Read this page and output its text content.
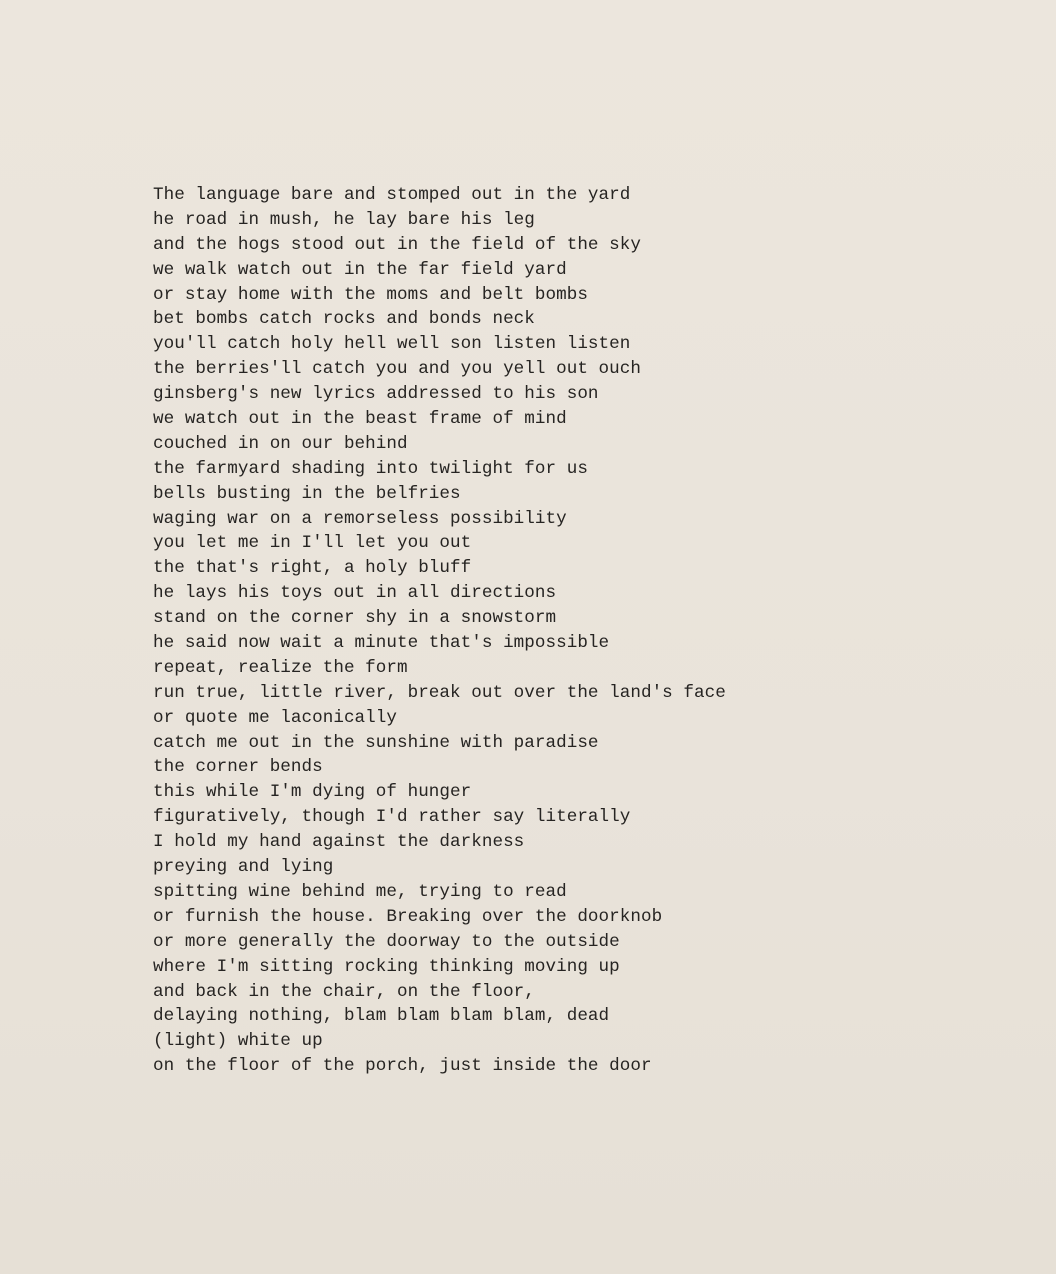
The language bare and stomped out in the yard
he road in mush, he lay bare his leg
and the hogs stood out in the field of the sky
we walk watch out in the far field yard
or stay home with the moms and belt bombs
bet bombs catch rocks and bonds neck
you'll catch holy hell well son listen listen
the berries'll catch you and you yell out ouch
ginsberg's new lyrics addressed to his son
we watch out in the beast frame of mind
couched in on our behind
the farmyard shading into twilight for us
bells busting in the belfries
waging war on a remorseless possibility
you let me in I'll let you out
the that's right, a holy bluff
he lays his toys out in all directions
stand on the corner shy in a snowstorm
he said now wait a minute that's impossible
repeat, realize the form
run true, little river, break out over the land's face
or quote me laconically
catch me out in the sunshine with paradise
the corner bends
this while I'm dying of hunger
figuratively, though I'd rather say literally
I hold my hand against the darkness
preying and lying
spitting wine behind me, trying to read
or furnish the house. Breaking over the doorknob
or more generally the doorway to the outside
where I'm sitting rocking thinking moving up
and back in the chair, on the floor,
delaying nothing, blam blam blam blam, dead
(light) white up
on the floor of the porch, just inside the door
